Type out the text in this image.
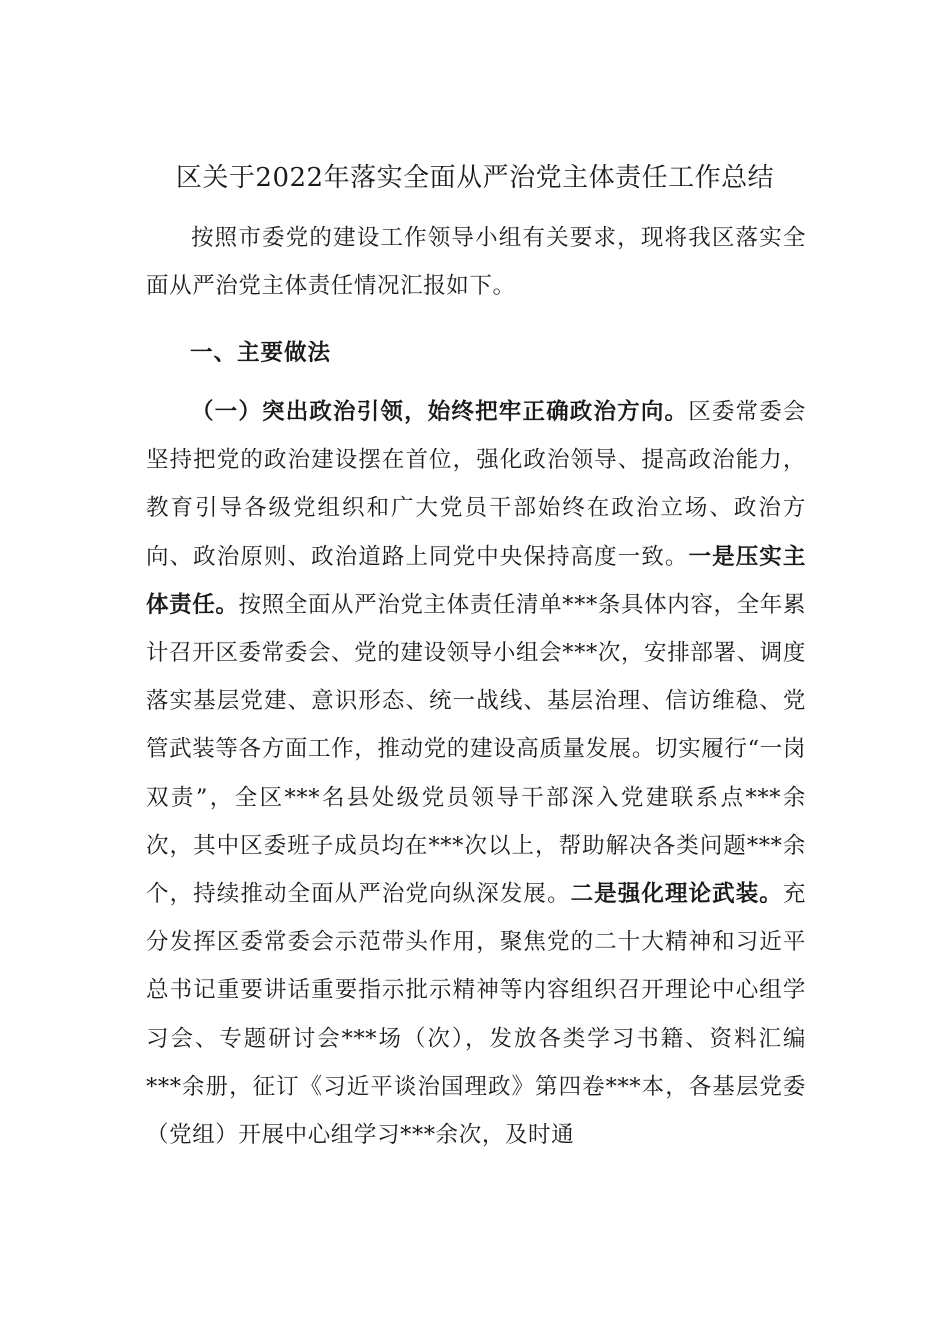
区关于2022年落实全面从严治党主体责任工作总结

按照市委党的建设工作领导小组有关要求，现将我区落实全面从严治党主体责任情况汇报如下。

一、主要做法

（一）突出政治引领，始终把牢正确政治方向。区委常委会坚持把党的政治建设摆在首位，强化政治领导、提高政治能力，教育引导各级党组织和广大党员干部始终在政治立场、政治方向、政治原则、政治道路上同党中央保持高度一致。一是压实主体责任。按照全面从严治党主体责任清单***条具体内容，全年累计召开区委常委会、党的建设领导小组会***次，安排部署、调度落实基层党建、意识形态、统一战线、基层治理、信访维稳、党管武装等各方面工作，推动党的建设高质量发展。切实履行“一岗双责”，全区***名县处级党员领导干部深入党建联系点***余次，其中区委班子成员均在***次以上，帮助解决各类问题***余个，持续推动全面从严治党向纵深发展。二是强化理论武装。充分发挥区委常委会示范带头作用，聚焦党的二十大精神和习近平总书记重要讲话重要指示批示精神等内容组织召开理论中心组学习会、专题研讨会***场（次），发放各类学习书籍、资料汇编***余册，征订《习近平谈治国理政》第四卷***本，各基层党委（党组）开展中心组学习***余次，及时通
